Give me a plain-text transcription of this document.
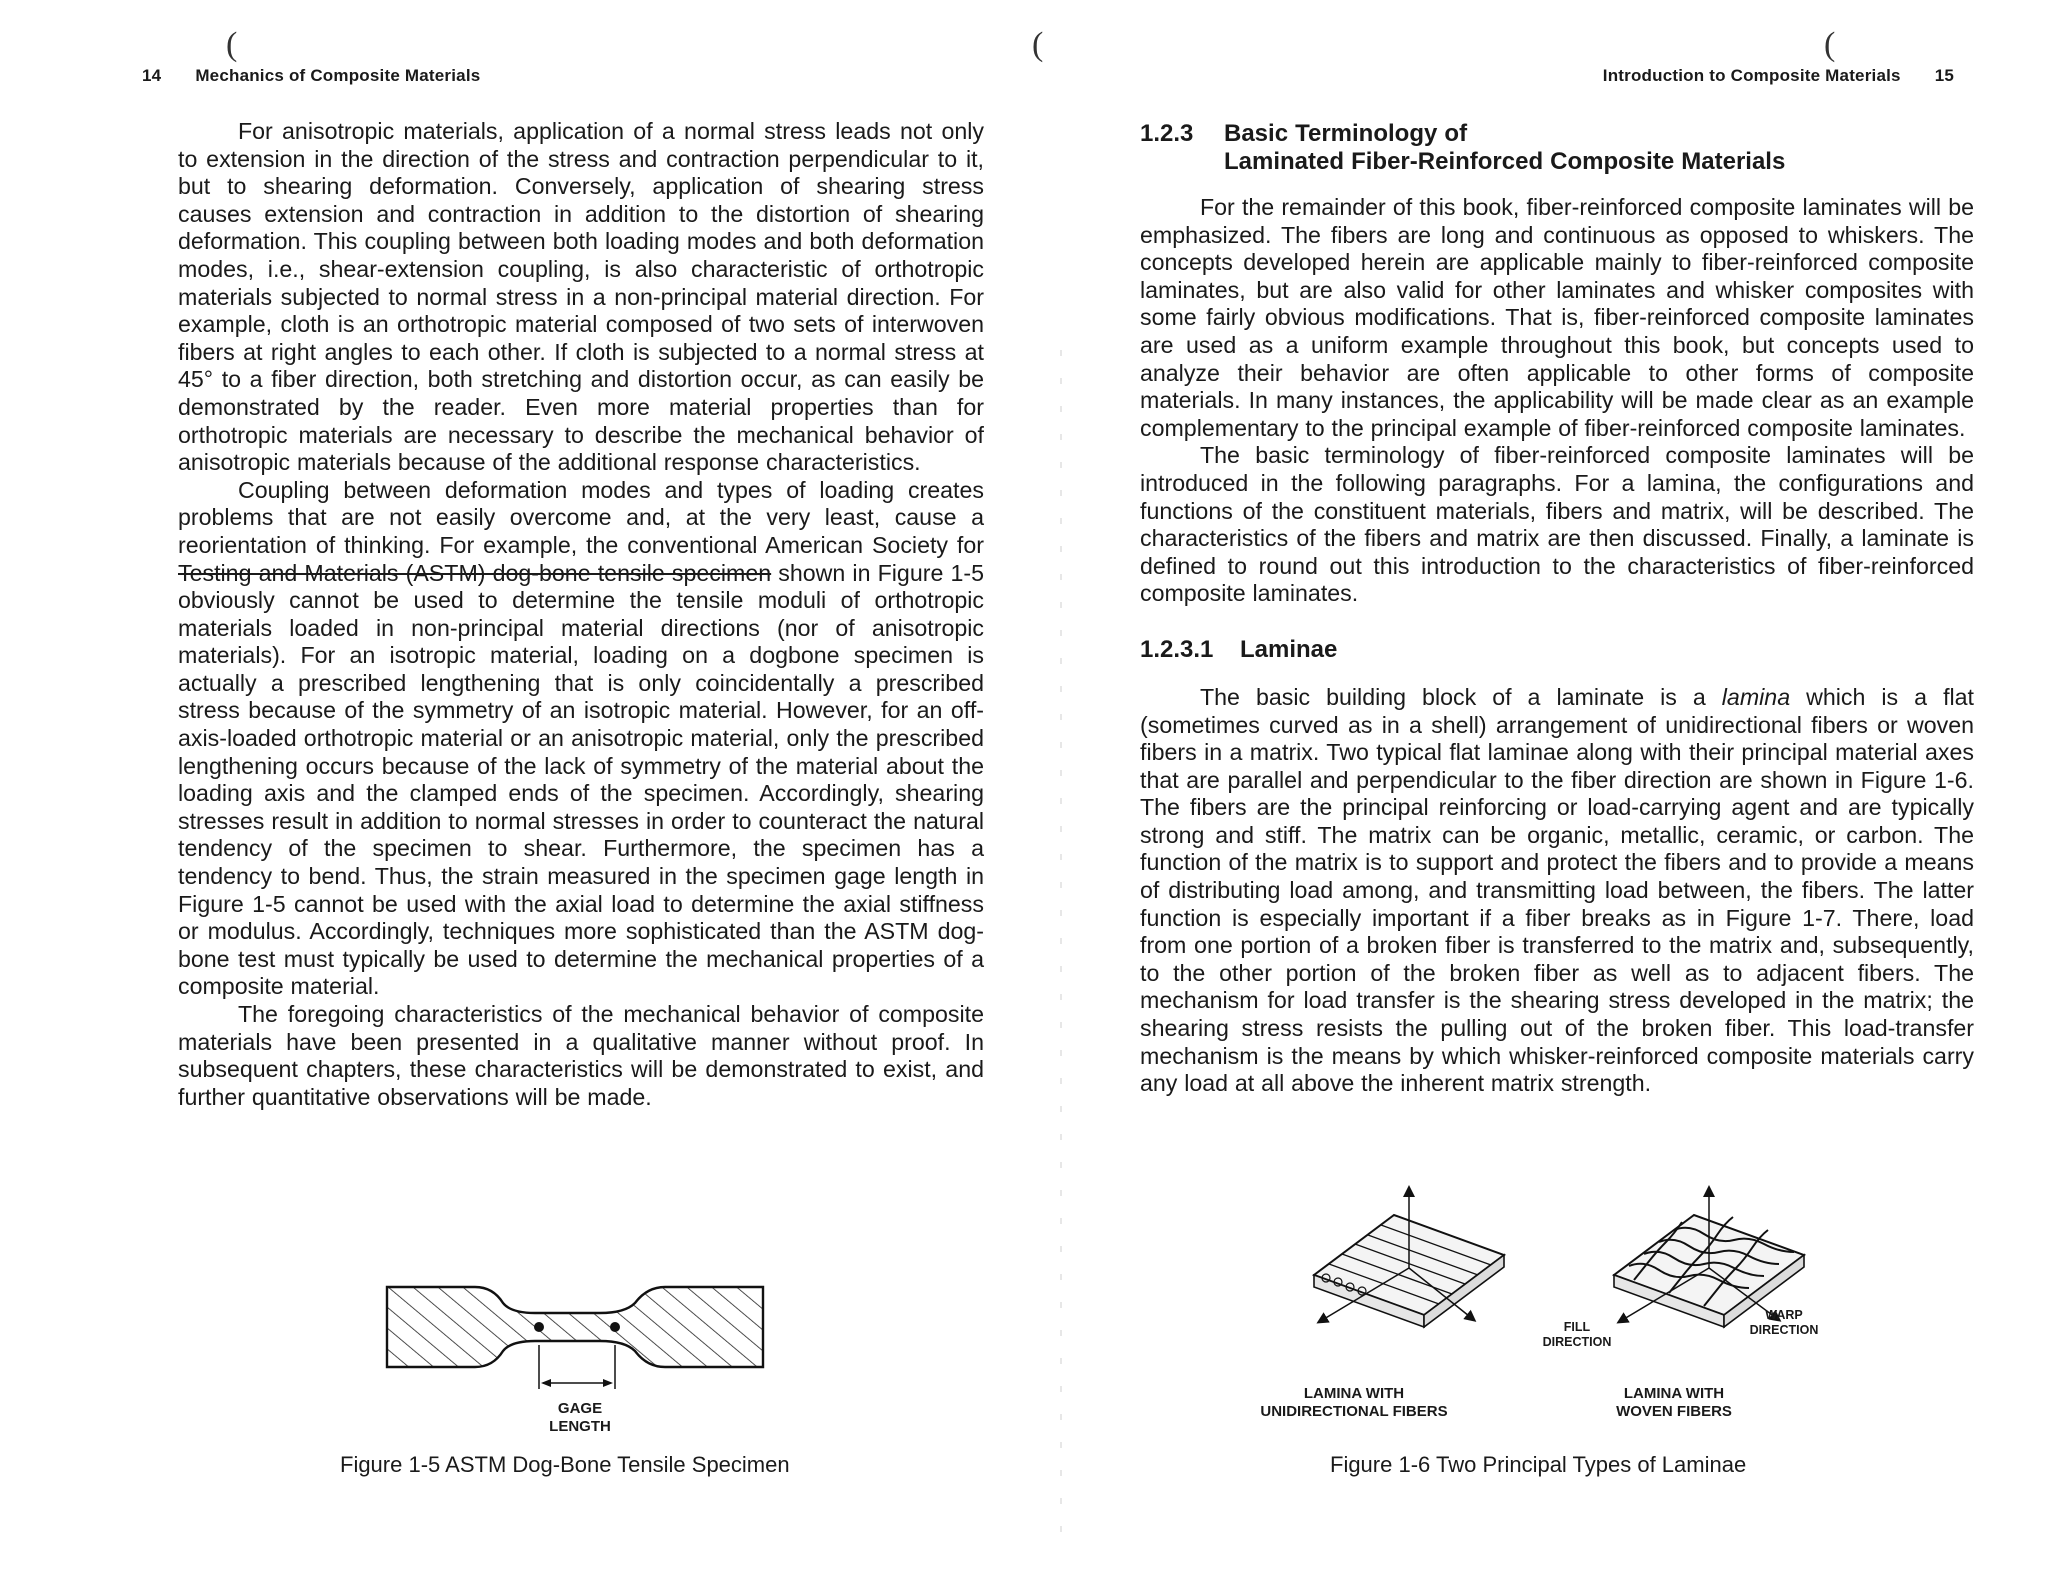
(
14 Mechanics of Composite Materials

For anisotropic materials, application of a normal stress leads not only to extension in the direction of the stress and contraction perpendicular to it, but to shearing deformation. Conversely, application of shearing stress causes extension and contraction in addition to the distortion of shearing deformation. This coupling between both loading modes and both deformation modes, i.e., shear-extension coupling, is also characteristic of orthotropic materials subjected to normal stress in a non-principal material direction. For example, cloth is an orthotropic material composed of two sets of interwoven fibers at right angles to each other. If cloth is subjected to a normal stress at 45° to a fiber direction, both stretching and distortion occur, as can easily be demonstrated by the reader. Even more material properties than for orthotropic materials are necessary to describe the mechanical behavior of anisotropic materials because of the additional response characteristics.

Coupling between deformation modes and types of loading creates problems that are not easily overcome and, at the very least, cause a reorientation of thinking. For example, the conventional American Society for Testing and Materials (ASTM) dog-bone tensile specimen shown in Figure 1-5 obviously cannot be used to determine the tensile moduli of orthotropic materials loaded in non-principal material directions (nor of anisotropic materials). For an isotropic material, loading on a dogbone specimen is actually a prescribed lengthening that is only coincidentally a prescribed stress because of the symmetry of an isotropic material. However, for an off-axis-loaded orthotropic material or an anisotropic material, only the prescribed lengthening occurs because of the lack of symmetry of the material about the loading axis and the clamped ends of the specimen. Accordingly, shearing stresses result in addition to normal stresses in order to counteract the natural tendency of the specimen to shear. Furthermore, the specimen has a tendency to bend. Thus, the strain measured in the specimen gage length in Figure 1-5 cannot be used with the axial load to determine the axial stiffness or modulus. Accordingly, techniques more sophisticated than the ASTM dog-bone test must typically be used to determine the mechanical properties of a composite material.

The foregoing characteristics of the mechanical behavior of composite materials have been presented in a qualitative manner without proof. In subsequent chapters, these characteristics will be demonstrated to exist, and further quantitative observations will be made.

GAGE
LENGTH
Figure 1-5 ASTM Dog-Bone Tensile Specimen
(	(
Introduction to Composite Materials 15
1.2.3	Basic Terminology of
Laminated Fiber-Reinforced Composite Materials

For the remainder of this book, fiber-reinforced composite laminates will be emphasized. The fibers are long and continuous as opposed to whiskers. The concepts developed herein are applicable mainly to fiber-reinforced composite laminates, but are also valid for other laminates and whisker composites with some fairly obvious modifications. That is, fiber-reinforced composite laminates are used as a uniform example throughout this book, but concepts used to analyze their behavior are often applicable to other forms of composite materials. In many instances, the applicability will be made clear as an example complementary to the principal example of fiber-reinforced composite laminates.

The basic terminology of fiber-reinforced composite laminates will be introduced in the following paragraphs. For a lamina, the configurations and functions of the constituent materials, fibers and matrix, will be described. The characteristics of the fibers and matrix are then discussed. Finally, a laminate is defined to round out this introduction to the characteristics of fiber-reinforced composite laminates.

1.2.3.1	Laminae

The basic building block of a laminate is a lamina which is a flat (sometimes curved as in a shell) arrangement of unidirectional fibers or woven fibers in a matrix. Two typical flat laminae along with their principal material axes that are parallel and perpendicular to the fiber direction are shown in Figure 1-6. The fibers are the principal reinforcing or load-carrying agent and are typically strong and stiff. The matrix can be organic, metallic, ceramic, or carbon. The function of the matrix is to support and protect the fibers and to provide a means of distributing load among, and transmitting load between, the fibers. The latter function is especially important if a fiber breaks as in Figure 1-7. There, load from one portion of a broken fiber is transferred to the matrix and, subsequently, to the other portion of the broken fiber as well as to adjacent fibers. The mechanism for load transfer is the shearing stress developed in the matrix; the shearing stress resists the pulling out of the broken fiber. This load-transfer mechanism is the means by which whisker-reinforced composite materials carry any load at all above the inherent matrix strength.

FILL
DIRECTION
WARP
DIRECTION
LAMINA WITH
UNIDIRECTIONAL FIBERS
LAMINA WITH
WOVEN FIBERS
Figure 1-6 Two Principal Types of Laminae
